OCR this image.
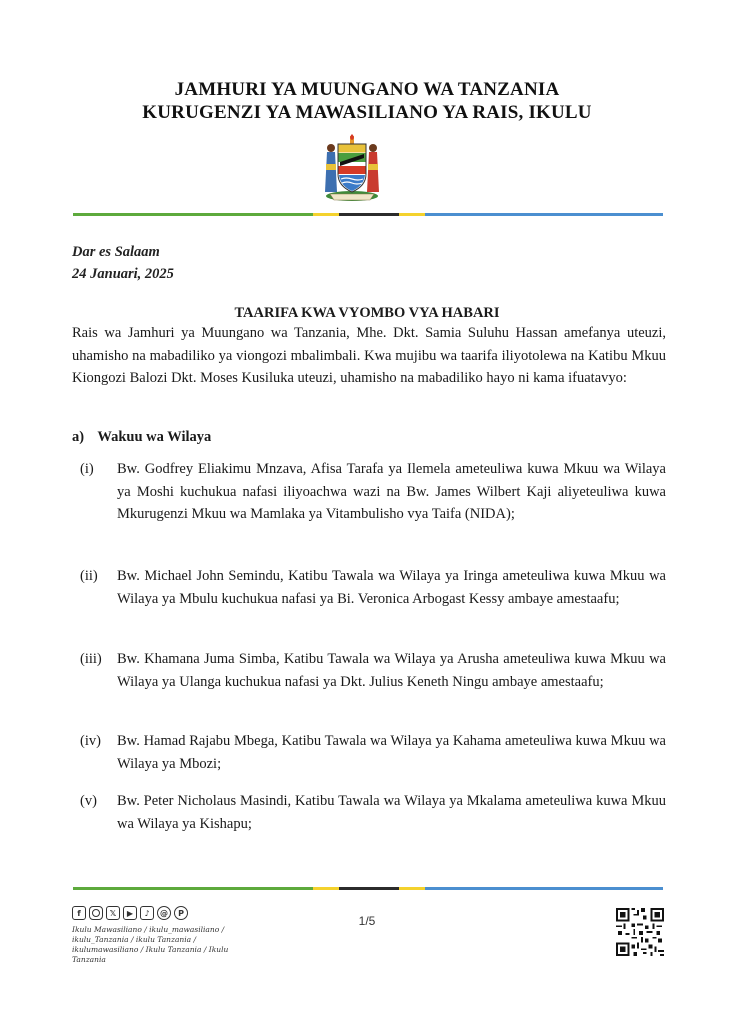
JAMHURI YA MUUNGANO WA TANZANIA
KURUGENZI YA MAWASILIANO YA RAIS, IKULU
Dar es Salaam
24 Januari, 2025
TAARIFA KWA VYOMBO VYA HABARI
Rais wa Jamhuri ya Muungano wa Tanzania, Mhe. Dkt. Samia Suluhu Hassan amefanya uteuzi, uhamisho na mabadiliko ya viongozi mbalimbali. Kwa mujibu wa taarifa iliyotolewa na Katibu Mkuu Kiongozi Balozi Dkt. Moses Kusiluka uteuzi, uhamisho na mabadiliko hayo ni kama ifuatavyo:
a) Wakuu wa Wilaya
(i)	Bw. Godfrey Eliakimu Mnzava, Afisa Tarafa ya Ilemela ameteuliwa kuwa Mkuu wa Wilaya ya Moshi kuchukua nafasi iliyoachwa wazi na Bw. James Wilbert Kaji aliyeteuliwa kuwa Mkurugenzi Mkuu wa Mamlaka ya Vitambulisho vya Taifa (NIDA);
(ii)	Bw. Michael John Semindu, Katibu Tawala wa Wilaya ya Iringa ameteuliwa kuwa Mkuu wa Wilaya ya Mbulu kuchukua nafasi ya Bi. Veronica Arbogast Kessy ambaye amestaafu;
(iii)	Bw. Khamana Juma Simba, Katibu Tawala wa Wilaya ya Arusha ameteuliwa kuwa Mkuu wa Wilaya ya Ulanga kuchukua nafasi ya Dkt. Julius Keneth Ningu ambaye amestaafu;
(iv)	Bw. Hamad Rajabu Mbega, Katibu Tawala wa Wilaya ya Kahama ameteuliwa kuwa Mkuu wa Wilaya ya Mbozi;
(v)	Bw. Peter Nicholaus Masindi, Katibu Tawala wa Wilaya ya Mkalama ameteuliwa kuwa Mkuu wa Wilaya ya Kishapu;
f	𝕏	▶	♪	@	P
Ikulu Mawasiliano / ikulu_mawasiliano / ikulu_Tanzania / ikulu Tanzania / ikulumawasiliano / Ikulu Tanzania / Ikulu Tanzania
1/5
